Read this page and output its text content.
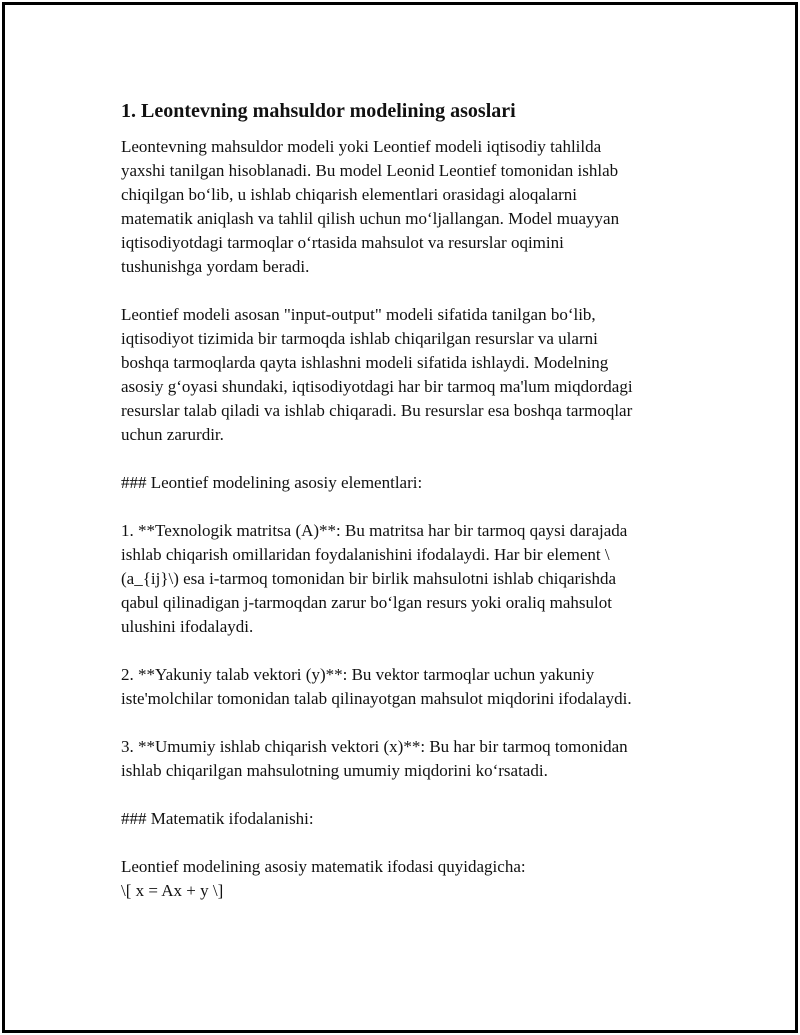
1. Leontevning mahsuldor modelining asoslari

Leontevning mahsuldor modeli yoki Leontief modeli iqtisodiy tahlilda
yaxshi tanilgan hisoblanadi. Bu model Leonid Leontief tomonidan ishlab
chiqilgan bo‘lib, u ishlab chiqarish elementlari orasidagi aloqalarni
matematik aniqlash va tahlil qilish uchun mo‘ljallangan. Model muayyan
iqtisodiyotdagi tarmoqlar o‘rtasida mahsulot va resurslar oqimini
tushunishga yordam beradi.

Leontief modeli asosan "input-output" modeli sifatida tanilgan bo‘lib,
iqtisodiyot tizimida bir tarmoqda ishlab chiqarilgan resurslar va ularni
boshqa tarmoqlarda qayta ishlashni modeli sifatida ishlaydi. Modelning
asosiy g‘oyasi shundaki, iqtisodiyotdagi har bir tarmoq ma'lum miqdordagi
resurslar talab qiladi va ishlab chiqaradi. Bu resurslar esa boshqa tarmoqlar
uchun zarurdir.

### Leontief modelining asosiy elementlari:

1. **Texnologik matritsa (A)**: Bu matritsa har bir tarmoq qaysi darajada
ishlab chiqarish omillaridan foydalanishini ifodalaydi. Har bir element \
(a_{ij}\) esa i-tarmoq tomonidan bir birlik mahsulotni ishlab chiqarishda
qabul qilinadigan j-tarmoqdan zarur bo‘lgan resurs yoki oraliq mahsulot
ulushini ifodalaydi.

2. **Yakuniy talab vektori (y)**: Bu vektor tarmoqlar uchun yakuniy
iste'molchilar tomonidan talab qilinayotgan mahsulot miqdorini ifodalaydi.

3. **Umumiy ishlab chiqarish vektori (x)**: Bu har bir tarmoq tomonidan
ishlab chiqarilgan mahsulotning umumiy miqdorini ko‘rsatadi.

### Matematik ifodalanishi:

Leontief modelining asosiy matematik ifodasi quyidagicha:
\[ x = Ax + y \]
